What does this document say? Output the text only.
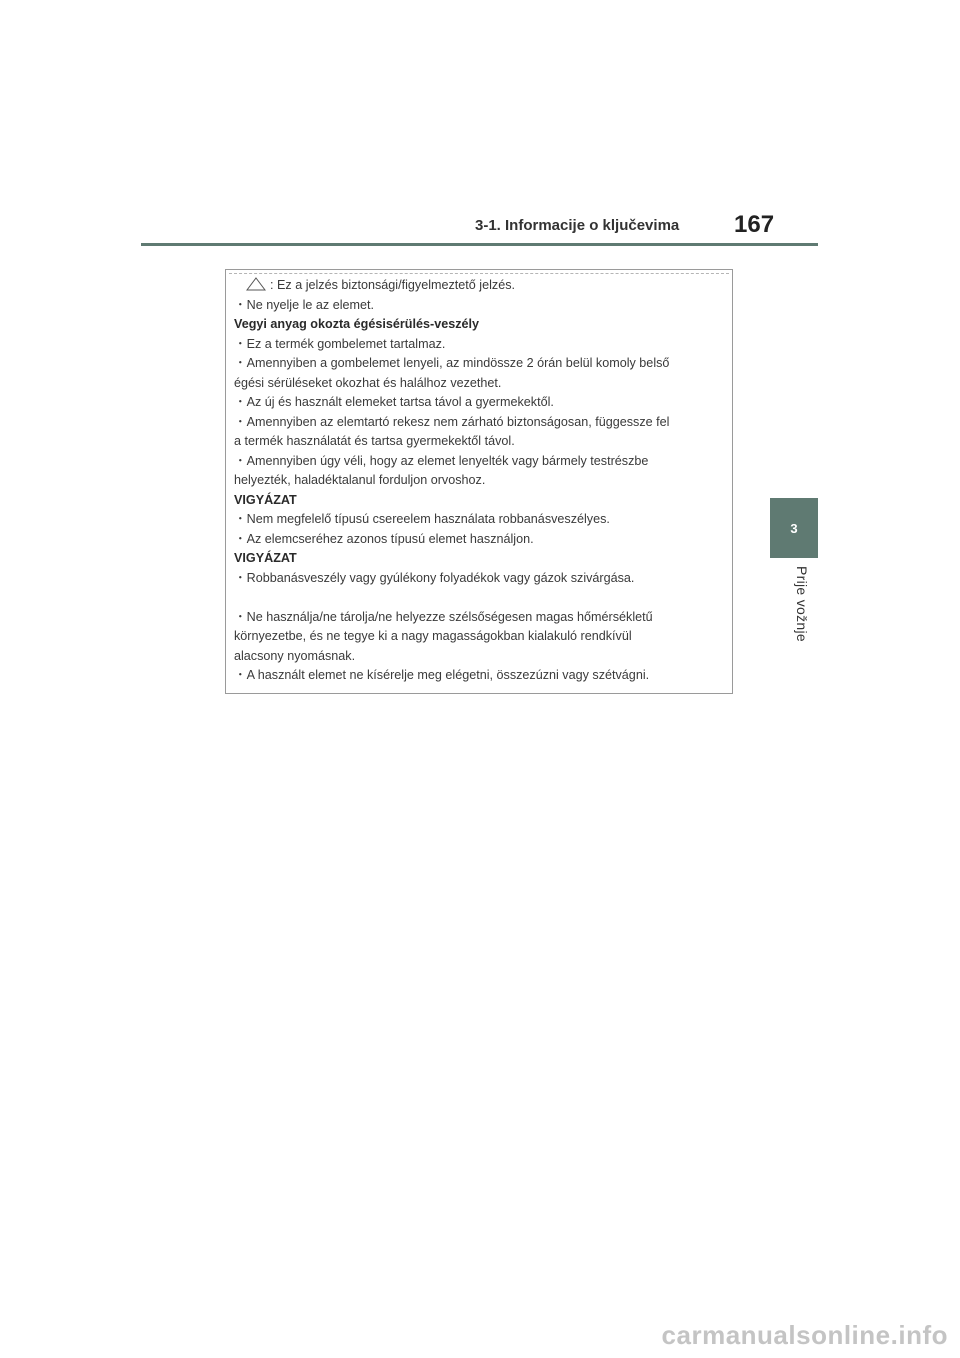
3-1. Informacije o ključevima 167
3
Prije vožnje
: Ez a jelzés biztonsági/figyelmeztető jelzés.
・Ne nyelje le az elemet.
Vegyi anyag okozta égésisérülés-veszély
・Ez a termék gombelemet tartalmaz.
・Amennyiben a gombelemet lenyeli, az mindössze 2 órán belül komoly belső
égési sérüléseket okozhat és halálhoz vezethet.
・Az új és használt elemeket tartsa távol a gyermekektől.
・Amennyiben az elemtartó rekesz nem zárható biztonságosan, függessze fel
a termék használatát és tartsa gyermekektől távol.
・Amennyiben úgy véli, hogy az elemet lenyelték vagy bármely testrészbe
helyezték, haladéktalanul forduljon orvoshoz.
VIGYÁZAT
・Nem megfelelő típusú csereelem használata robbanásveszélyes.
・Az elemcseréhez azonos típusú elemet használjon.
VIGYÁZAT
・Robbanásveszély vagy gyúlékony folyadékok vagy gázok szivárgása.
・Ne használja/ne tárolja/ne helyezze szélsőségesen magas hőmérsékletű
környezetbe, és ne tegye ki a nagy magasságokban kialakuló rendkívül
alacsony nyomásnak.
・A használt elemet ne kísérelje meg elégetni, összezúzni vagy szétvágni.
carmanualsonline.info
